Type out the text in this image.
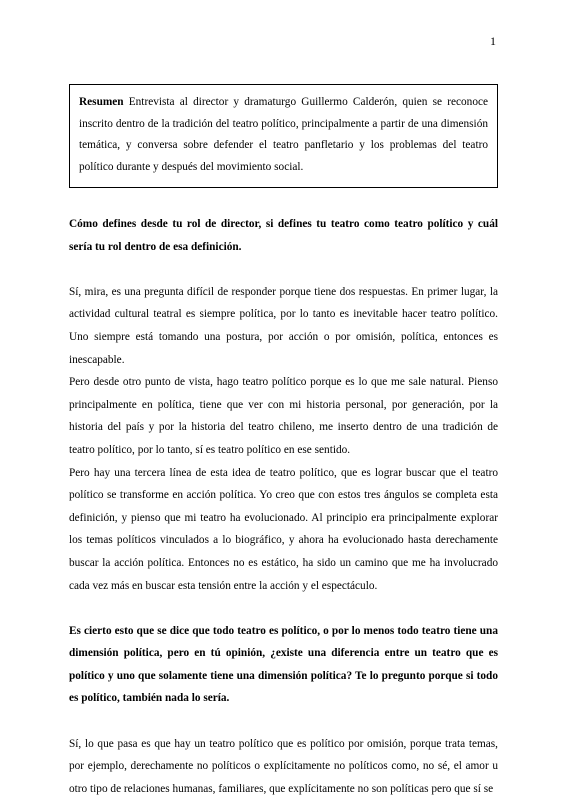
1
Resumen Entrevista al director y dramaturgo Guillermo Calderón, quien se reconoce inscrito dentro de la tradición del teatro político, principalmente a partir de una dimensión temática, y conversa sobre defender el teatro panfletario y los problemas del teatro político durante y después del movimiento social.

Cómo defines desde tu rol de director, si defines tu teatro como teatro político y cuál sería tu rol dentro de esa definición.

Sí, mira, es una pregunta difícil de responder porque tiene dos respuestas. En primer lugar, la actividad cultural teatral es siempre política, por lo tanto es inevitable hacer teatro político. Uno siempre está tomando una postura, por acción o por omisión, política, entonces es inescapable.

Pero desde otro punto de vista, hago teatro político porque es lo que me sale natural. Pienso principalmente en política, tiene que ver con mi historia personal, por generación, por la historia del país y por la historia del teatro chileno, me inserto dentro de una tradición de teatro político, por lo tanto, sí es teatro político en ese sentido.

Pero hay una tercera línea de esta idea de teatro político, que es lograr buscar que el teatro político se transforme en acción política. Yo creo que con estos tres ángulos se completa esta definición, y pienso que mi teatro ha evolucionado. Al principio era principalmente explorar los temas políticos vinculados a lo biográfico, y ahora ha evolucionado hasta derechamente buscar la acción política. Entonces no es estático, ha sido un camino que me ha involucrado cada vez más en buscar esta tensión entre la acción y el espectáculo.

Es cierto esto que se dice que todo teatro es político, o por lo menos todo teatro tiene una dimensión política, pero en tú opinión, ¿existe una diferencia entre un teatro que es político y uno que solamente tiene una dimensión política? Te lo pregunto porque si todo es político, también nada lo sería.

Sí, lo que pasa es que hay un teatro político que es político por omisión, porque trata temas, por ejemplo, derechamente no políticos o explícitamente no políticos como, no sé, el amor u otro tipo de relaciones humanas, familiares, que explícitamente no son políticas pero que sí se
